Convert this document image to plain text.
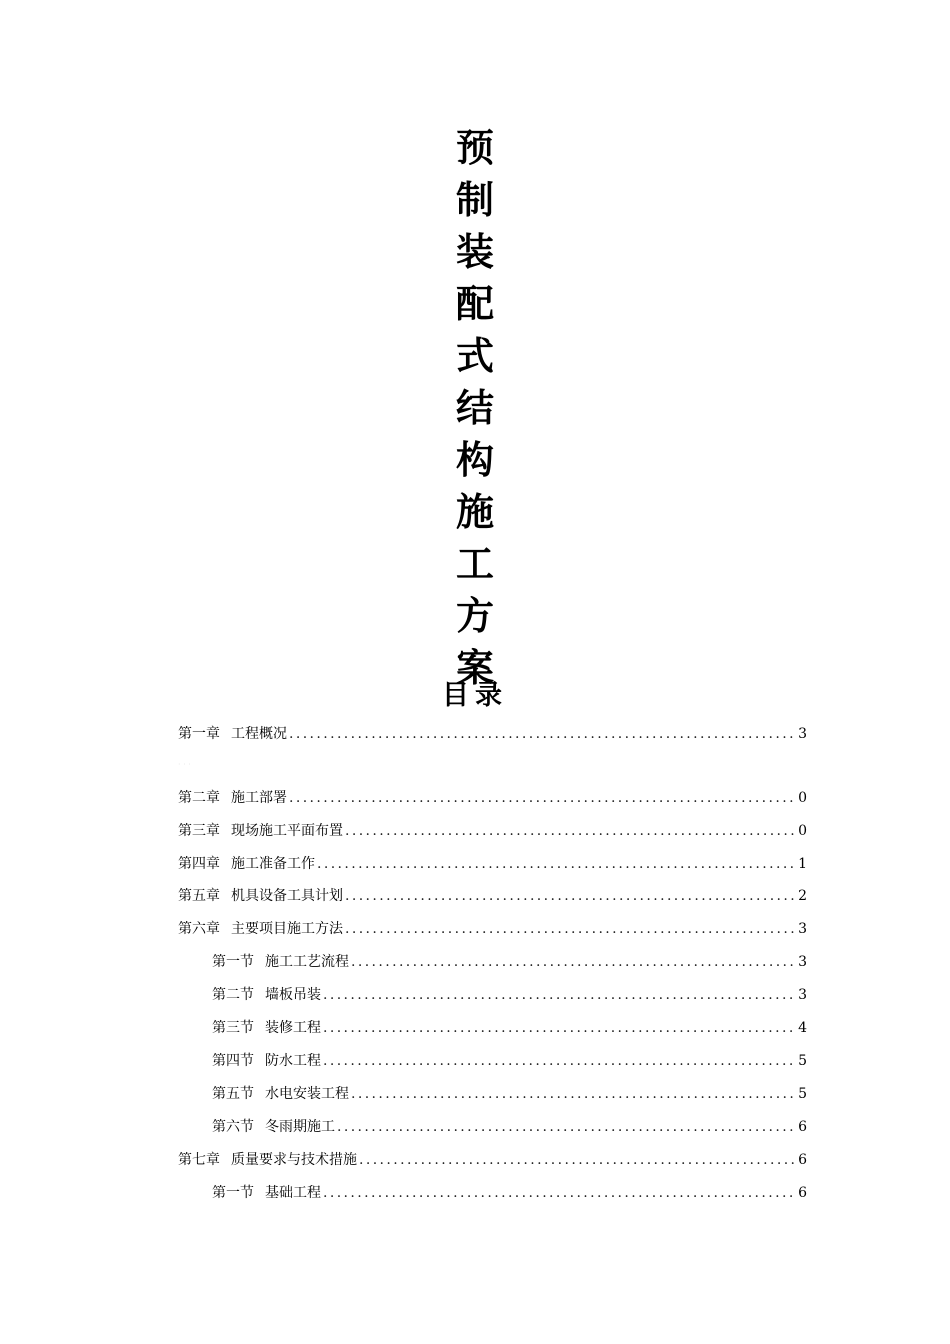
预
制
装
配
式
结
构
施
工
方
案
目录
· · ·
第一章 工程概况 .....	3
第二章 施工部署 .....	0
第三章 现场施工平面布置 .....	0
第四章 施工准备工作 .....	1
第五章 机具设备工具计划 .....	2
第六章 主要项目施工方法 .....	3
第一节 施工工艺流程 .....	3
第二节 墙板吊装 .....	3
第三节 装修工程 .....	4
第四节 防水工程 .....	5
第五节 水电安装工程 .....	5
第六节 冬雨期施工 .....	6
第七章 质量要求与技术措施 .....	6
第一节 基础工程 .....	6
